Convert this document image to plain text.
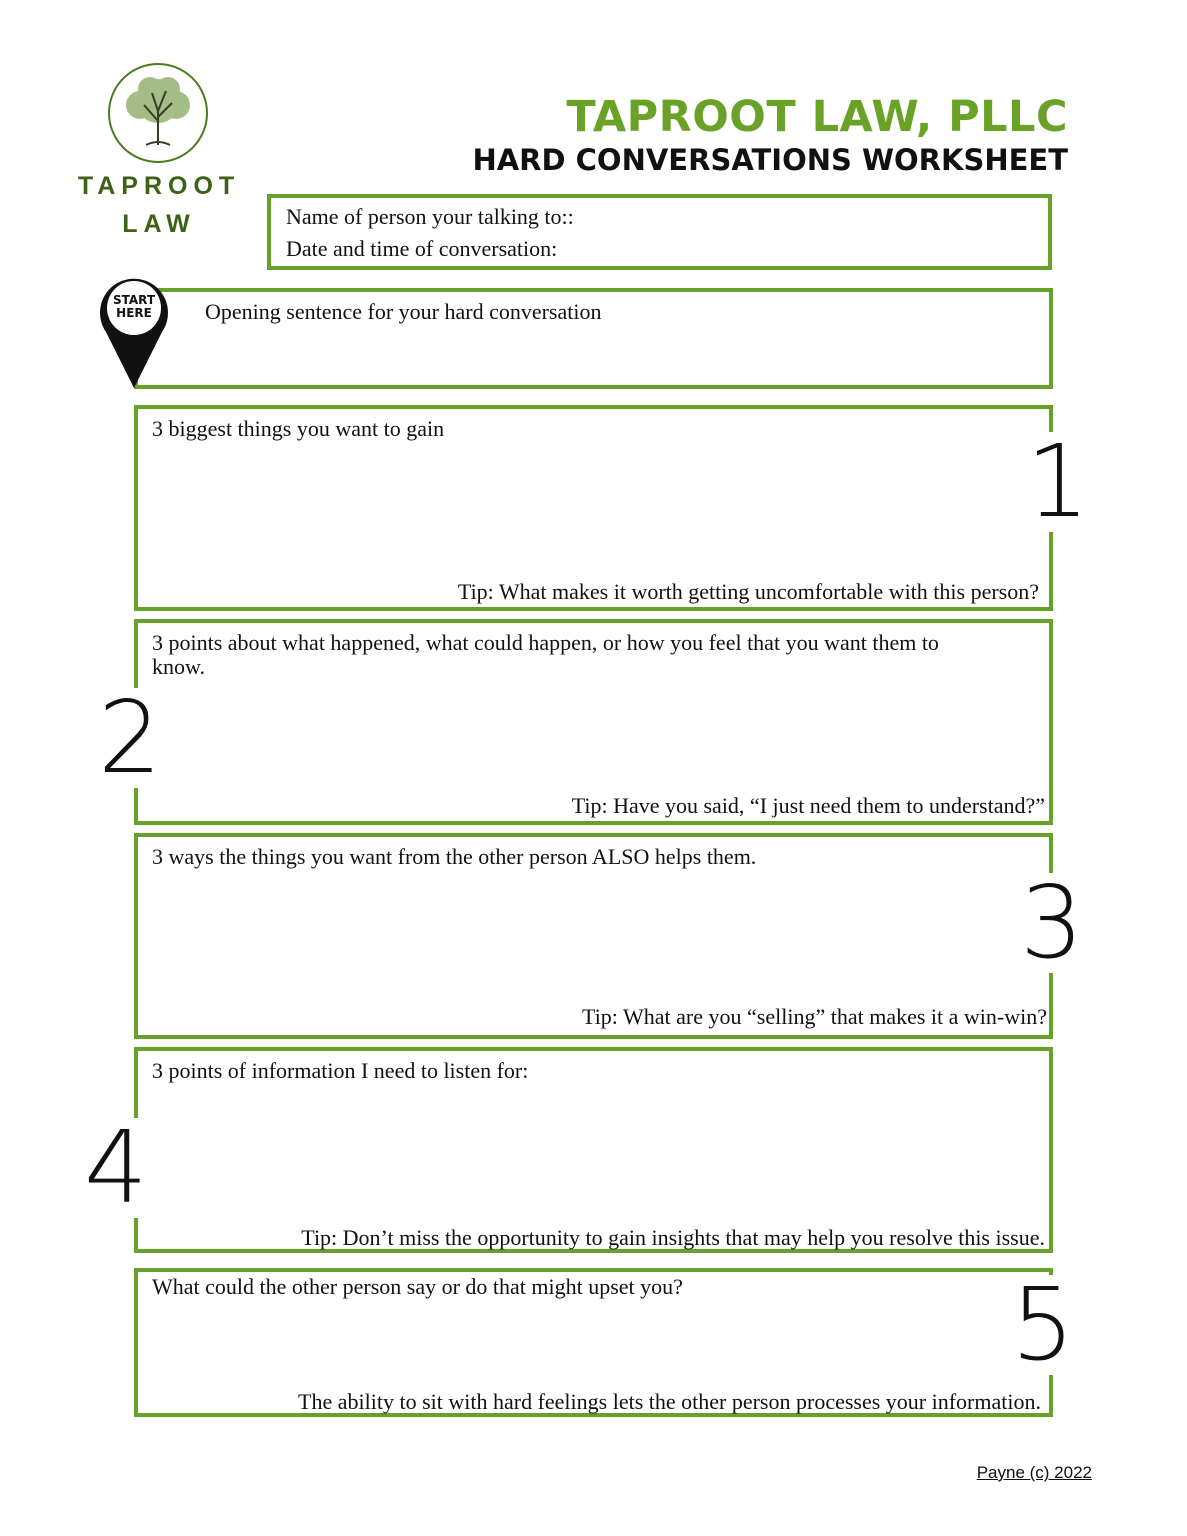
TAPROOT
LAW
TAPROOT LAW, PLLC
HARD CONVERSATIONS WORKSHEET
Name of person your talking to::
Date and time of conversation:
Opening sentence for your hard conversation
START
HERE
3 biggest things you want to gain
Tip: What makes it worth getting uncomfortable with this person?
1
3 points about what happened, what could happen, or how you feel that you want them to know.
Tip: Have you said, “I just need them to understand?”
2
3 ways the things you want from the other person ALSO helps them.
Tip: What are you “selling” that makes it a win-win?
3
3 points of information I need to listen for:
Tip: Don’t miss the opportunity to gain insights that may help you resolve this issue.
4
What could the other person say or do that might upset you?
The ability to sit with hard feelings lets the other person processes your information.
5
Payne (c) 2022
